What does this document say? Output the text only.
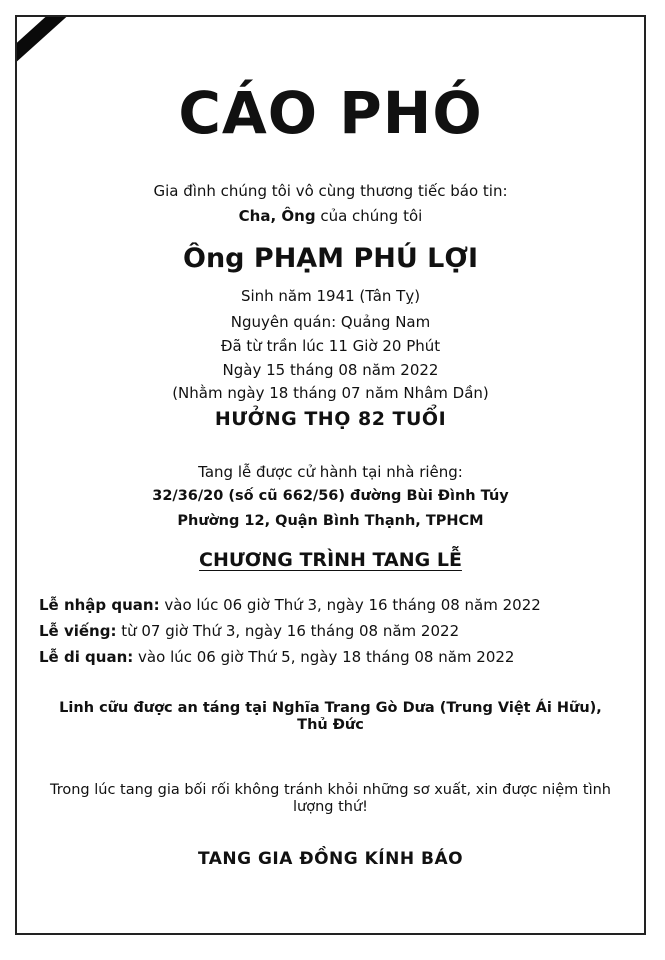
CÁO PHÓ
Gia đình chúng tôi vô cùng thương tiếc báo tin:
Cha, Ông của chúng tôi
Ông PHẠM PHÚ LỢI
Sinh năm 1941 (Tân Tỵ)
Nguyên quán: Quảng Nam
Đã từ trần lúc 11 Giờ 20 Phút
Ngày 15 tháng 08 năm 2022
(Nhằm ngày 18 tháng 07 năm Nhâm Dần)
HƯỞNG THỌ 82 TUỔI
Tang lễ được cử hành tại nhà riêng:
32/36/20 (số cũ 662/56) đường Bùi Đình Túy
Phường 12, Quận Bình Thạnh, TPHCM
CHƯƠNG TRÌNH TANG LỄ
Lễ nhập quan: vào lúc 06 giờ Thứ 3, ngày 16 tháng 08 năm 2022
Lễ viếng: từ 07 giờ Thứ 3, ngày 16 tháng 08 năm 2022
Lễ di quan: vào lúc 06 giờ Thứ 5, ngày 18 tháng 08 năm 2022
Linh cữu được an táng tại Nghĩa Trang Gò Dưa (Trung Việt Ái Hữu),
Thủ Đức
Trong lúc tang gia bối rối không tránh khỏi những sơ xuất, xin được niệm tình
lượng thứ!
TANG GIA ĐỒNG KÍNH BÁO
